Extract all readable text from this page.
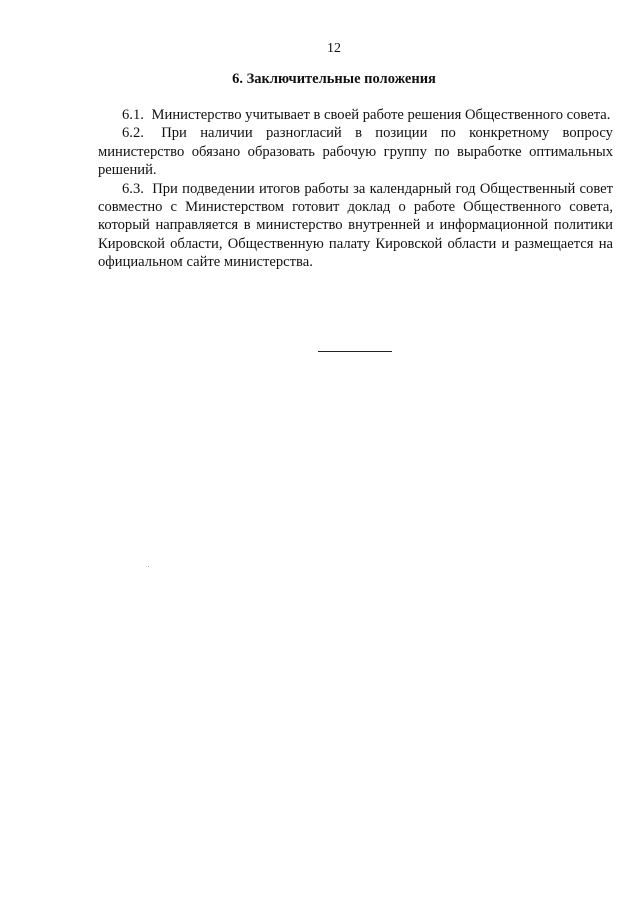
12
6. Заключительные положения

6.1. Министерство учитывает в своей работе решения Общественного совета.

6.2. При наличии разногласий в позиции по конкретному вопросу министерство обязано образовать рабочую группу по выработке оптимальных решений.

6.3. При подведении итогов работы за календарный год Общественный совет совместно с Министерством готовит доклад о работе Общественного совета, который направляется в министерство внутренней и информационной политики Кировской области, Общественную палату Кировской области и размещается на официальном сайте министерства.
